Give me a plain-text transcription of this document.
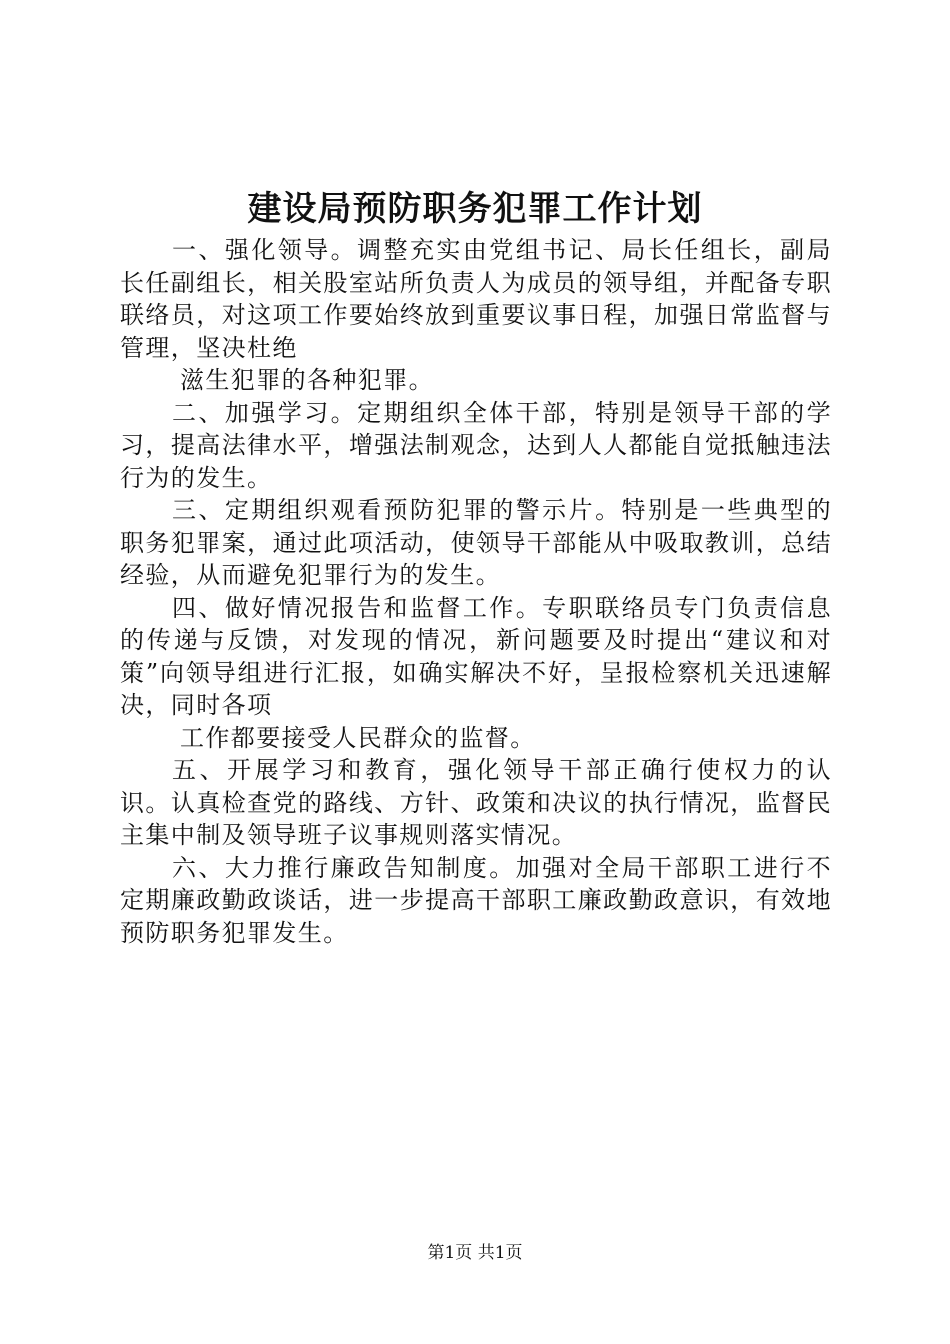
建设局预防职务犯罪工作计划

一、强化领导。调整充实由党组书记、局长任组长，副局长任副组长，相关股室站所负责人为成员的领导组，并配备专职联络员，对这项工作要始终放到重要议事日程，加强日常监督与管理，坚决杜绝

滋生犯罪的各种犯罪。

二、加强学习。定期组织全体干部，特别是领导干部的学习，提高法律水平，增强法制观念，达到人人都能自觉抵触违法行为的发生。

三、定期组织观看预防犯罪的警示片。特别是一些典型的职务犯罪案，通过此项活动，使领导干部能从中吸取教训，总结经验，从而避免犯罪行为的发生。

四、做好情况报告和监督工作。专职联络员专门负责信息的传递与反馈，对发现的情况，新问题要及时提出“建议和对策”向领导组进行汇报，如确实解决不好，呈报检察机关迅速解决，同时各项

工作都要接受人民群众的监督。

五、开展学习和教育，强化领导干部正确行使权力的认识。认真检查党的路线、方针、政策和决议的执行情况，监督民主集中制及领导班子议事规则落实情况。

六、大力推行廉政告知制度。加强对全局干部职工进行不定期廉政勤政谈话，进一步提高干部职工廉政勤政意识，有效地预防职务犯罪发生。

第1页 共1页
